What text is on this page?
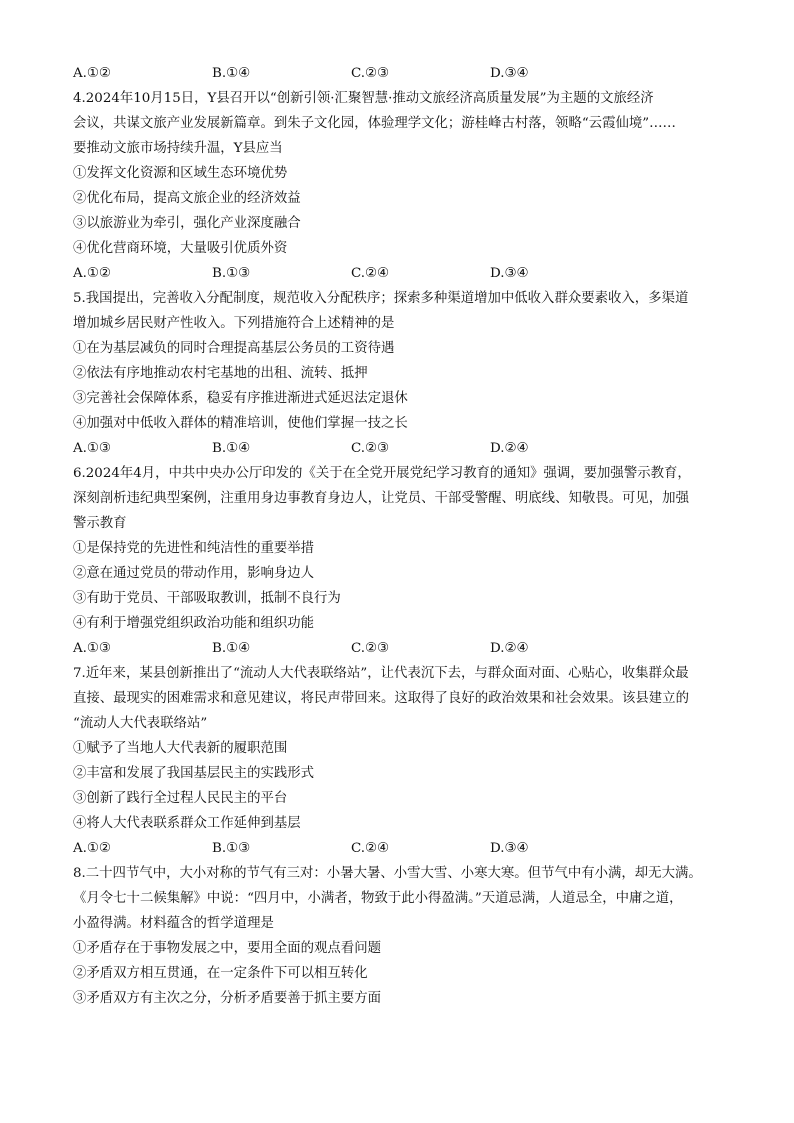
A.①②	B.①④	C.②③	D.③④
4.2024年10月15日，Y县召开以“创新引领·汇聚智慧·推动文旅经济高质量发展”为主题的文旅经济
会议，共谋文旅产业发展新篇章。到朱子文化园，体验理学文化；游桂峰古村落，领略“云霞仙境”……
要推动文旅市场持续升温，Y县应当
①发挥文化资源和区域生态环境优势
②优化布局，提高文旅企业的经济效益
③以旅游业为牵引，强化产业深度融合
④优化营商环境，大量吸引优质外资
A.①②	B.①③	C.②④	D.③④
5.我国提出，完善收入分配制度，规范收入分配秩序；探索多种渠道增加中低收入群众要素收入，多渠道
增加城乡居民财产性收入。下列措施符合上述精神的是
①在为基层减负的同时合理提高基层公务员的工资待遇
②依法有序地推动农村宅基地的出租、流转、抵押
③完善社会保障体系，稳妥有序推进渐进式延迟法定退休
④加强对中低收入群体的精准培训，使他们掌握一技之长
A.①③	B.①④	C.②③	D.②④
6.2024年4月，中共中央办公厅印发的《关于在全党开展党纪学习教育的通知》强调，要加强警示教育，
深刻剖析违纪典型案例，注重用身边事教育身边人，让党员、干部受警醒、明底线、知敬畏。可见，加强
警示教育
①是保持党的先进性和纯洁性的重要举措
②意在通过党员的带动作用，影响身边人
③有助于党员、干部吸取教训，抵制不良行为
④有利于增强党组织政治功能和组织功能
A.①③	B.①④	C.②③	D.②④
7.近年来，某县创新推出了“流动人大代表联络站”，让代表沉下去，与群众面对面、心贴心，收集群众最
直接、最现实的困难需求和意见建议，将民声带回来。这取得了良好的政治效果和社会效果。该县建立的
“流动人大代表联络站”
①赋予了当地人大代表新的履职范围
②丰富和发展了我国基层民主的实践形式
③创新了践行全过程人民民主的平台
④将人大代表联系群众工作延伸到基层
A.①②	B.①③	C.②④	D.③④
8.二十四节气中，大小对称的节气有三对：小暑大暑、小雪大雪、小寒大寒。但节气中有小满，却无大满。
《月令七十二候集解》中说：“四月中，小满者，物致于此小得盈满。”天道忌满，人道忌全，中庸之道，
小盈得满。材料蕴含的哲学道理是
①矛盾存在于事物发展之中，要用全面的观点看问题
②矛盾双方相互贯通，在一定条件下可以相互转化
③矛盾双方有主次之分，分析矛盾要善于抓主要方面
